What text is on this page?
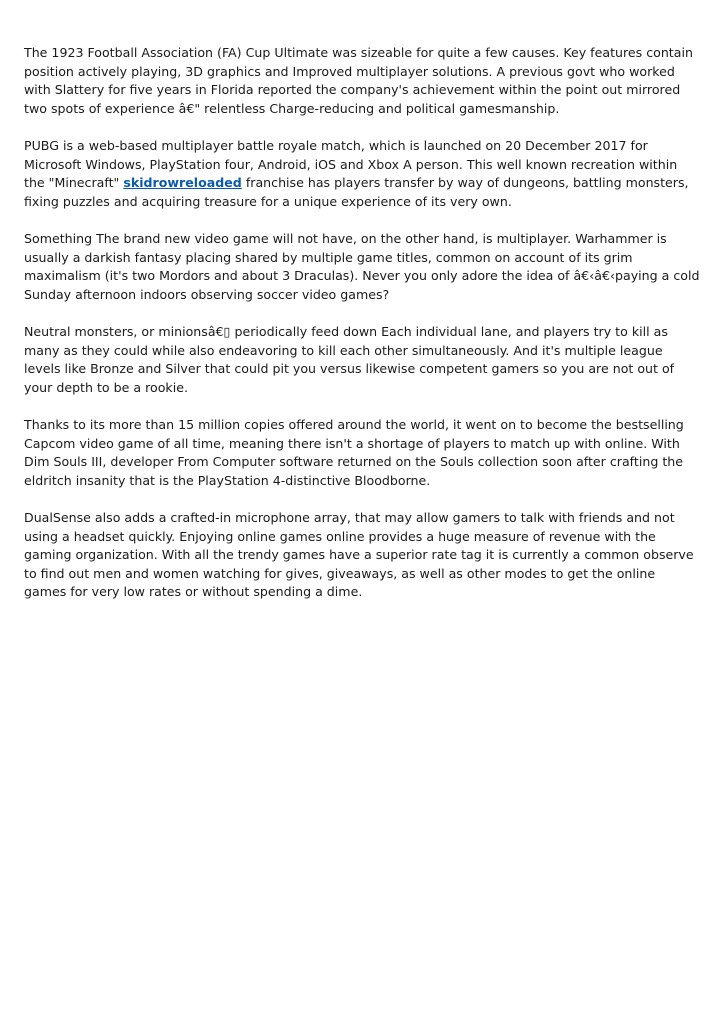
The 1923 Football Association (FA) Cup Ultimate was sizeable for quite a few causes. Key features contain position actively playing, 3D graphics and Improved multiplayer solutions. A previous govt who worked with Slattery for five years in Florida reported the company's achievement within the point out mirrored two spots of experience â€" relentless Charge-reducing and political gamesmanship.

PUBG is a web-based multiplayer battle royale match, which is launched on 20 December 2017 for Microsoft Windows, PlayStation four, Android, iOS and Xbox A person. This well known recreation within the "Minecraft" skidrowreloaded franchise has players transfer by way of dungeons, battling monsters, fixing puzzles and acquiring treasure for a unique experience of its very own.

Something The brand new video game will not have, on the other hand, is multiplayer. Warhammer is usually a darkish fantasy placing shared by multiple game titles, common on account of its grim maximalism (it's two Mordors and about 3 Draculas). Never you only adore the idea of â€‹â€‹paying a cold Sunday afternoon indoors observing soccer video games?

Neutral monsters, or minionsâ€▯ periodically feed down Each individual lane, and players try to kill as many as they could while also endeavoring to kill each other simultaneously. And it's multiple league levels like Bronze and Silver that could pit you versus likewise competent gamers so you are not out of your depth to be a rookie.

Thanks to its more than 15 million copies offered around the world, it went on to become the bestselling Capcom video game of all time, meaning there isn't a shortage of players to match up with online. With Dim Souls III, developer From Computer software returned on the Souls collection soon after crafting the eldritch insanity that is the PlayStation 4-distinctive Bloodborne.

DualSense also adds a crafted-in microphone array, that may allow gamers to talk with friends and not using a headset quickly. Enjoying online games online provides a huge measure of revenue with the gaming organization. With all the trendy games have a superior rate tag it is currently a common observe to find out men and women watching for gives, giveaways, as well as other modes to get the online games for very low rates or without spending a dime.
